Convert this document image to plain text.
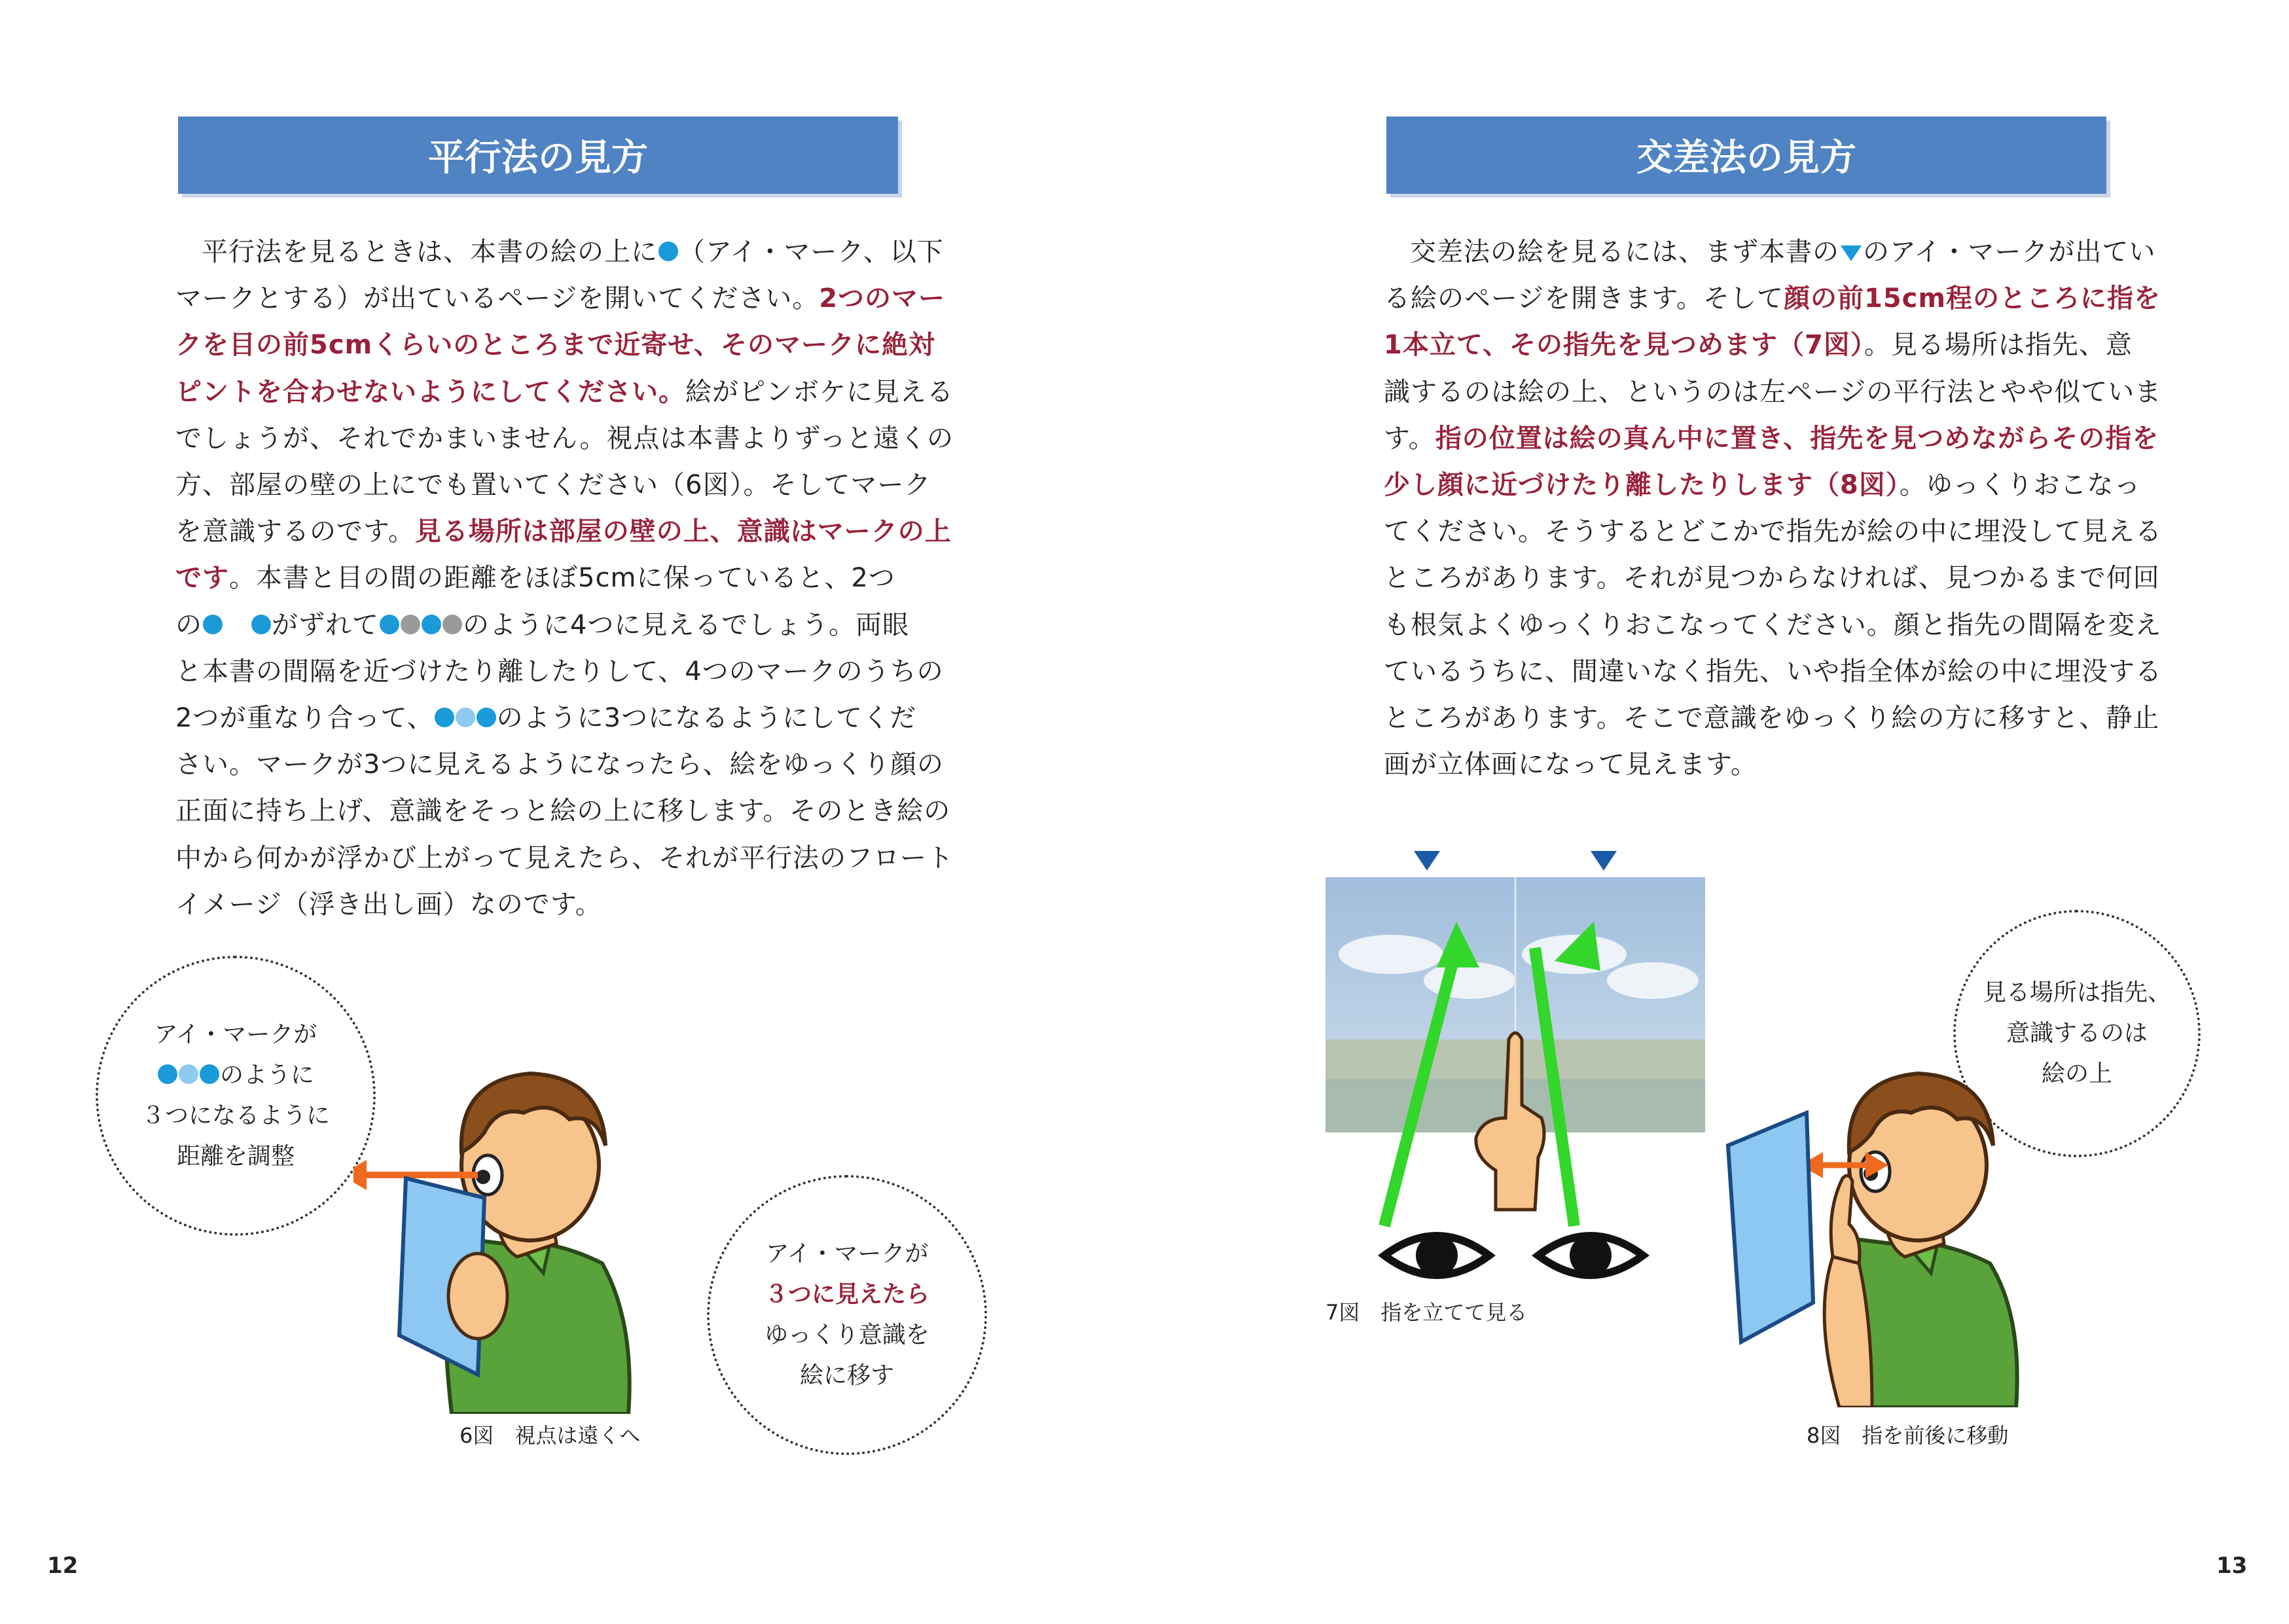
平行法の見方
平行法を見るときは、本書の絵の上に （アイ・マーク、以下
マークとする）が出ているページを開いてください。2つのマー
クを目の前5cmくらいのところまで近寄せ、そのマークに絶対
ピントを合わせないようにしてください。絵がピンボケに見える
でしょうが、それでかまいません。視点は本書よりずっと遠くの
方、部屋の壁の上にでも置いてください（6図）。そしてマーク
を意識するのです。見る場所は部屋の壁の上、意識はマークの上
です。本書と目の間の距離をほぼ5cmに保っていると、2つ
の	がずれて	のように4つに見えるでしょう。両眼
と本書の間隔を近づけたり離したりして、4つのマークのうちの
2つが重なり合って、 のように3つになるようにしてくだ
さい。マークが3つに見えるようになったら、絵をゆっくり顔の
正面に持ち上げ、意識をそっと絵の上に移します。そのとき絵の
中から何かが浮かび上がって見えたら、それが平行法のフロート
イメージ（浮き出し画）なのです。
アイ・マークが
のように
３つになるように
距離を調整
アイ・マークが
３つに見えたら
ゆっくり意識を
絵に移す
6図　視点は遠くへ
12
交差法の見方
交差法の絵を見るには、まず本書の のアイ・マークが出てい
る絵のページを開きます。そして顔の前15cm程のところに指を
1本立て、その指先を見つめます（7図）。見る場所は指先、意
識するのは絵の上、というのは左ページの平行法とやや似ていま
す。指の位置は絵の真ん中に置き、指先を見つめながらその指を
少し顔に近づけたり離したりします（8図）。ゆっくりおこなっ
てください。そうするとどこかで指先が絵の中に埋没して見える
ところがあります。それが見つからなければ、見つかるまで何回
も根気よくゆっくりおこなってください。顔と指先の間隔を変え
ているうちに、間違いなく指先、いや指全体が絵の中に埋没する
ところがあります。そこで意識をゆっくり絵の方に移すと、静止
画が立体画になって見えます。
7図　指を立てて見る
見る場所は指先、
意識するのは
絵の上
8図　指を前後に移動
13
